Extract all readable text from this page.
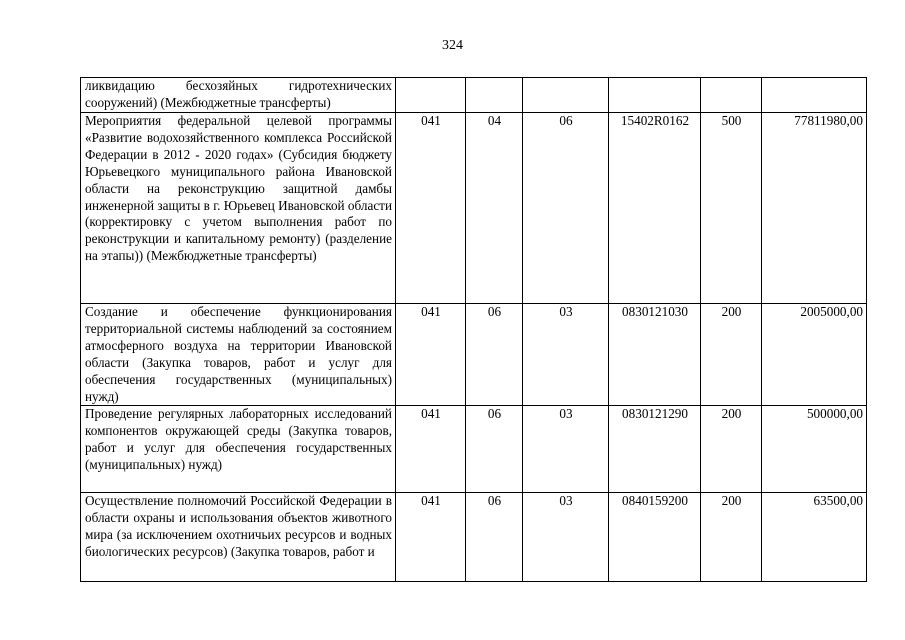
324
ликвидацию бесхозяйных гидротехнических сооружений) (Межбюджетные трансферты)						
Мероприятия федеральной целевой программы «Развитие водохозяйственного комплекса Российской Федерации в 2012 - 2020 годах» (Субсидия бюджету Юрьевецкого муниципального района Ивановской области на реконструкцию защитной дамбы инженерной защиты в г. Юрьевец Ивановской области (корректировку с учетом выполнения работ по реконструкции и капитальному ремонту) (разделение на этапы)) (Межбюджетные трансферты)	041	04	06	15402R0162	500	77811980,00
Создание и обеспечение функционирования территориальной системы наблюдений за состоянием атмосферного воздуха на территории Ивановской области (Закупка товаров, работ и услуг для обеспечения государственных (муниципальных) нужд)	041	06	03	0830121030	200	2005000,00
Проведение регулярных лабораторных исследований компонентов окружающей среды (Закупка товаров, работ и услуг для обеспечения государственных (муниципальных) нужд)	041	06	03	0830121290	200	500000,00
Осуществление полномочий Российской Федерации в области охраны и использования объектов животного мира (за исключением охотничьих ресурсов и водных биологических ресурсов) (Закупка товаров, работ и	041	06	03	0840159200	200	63500,00
